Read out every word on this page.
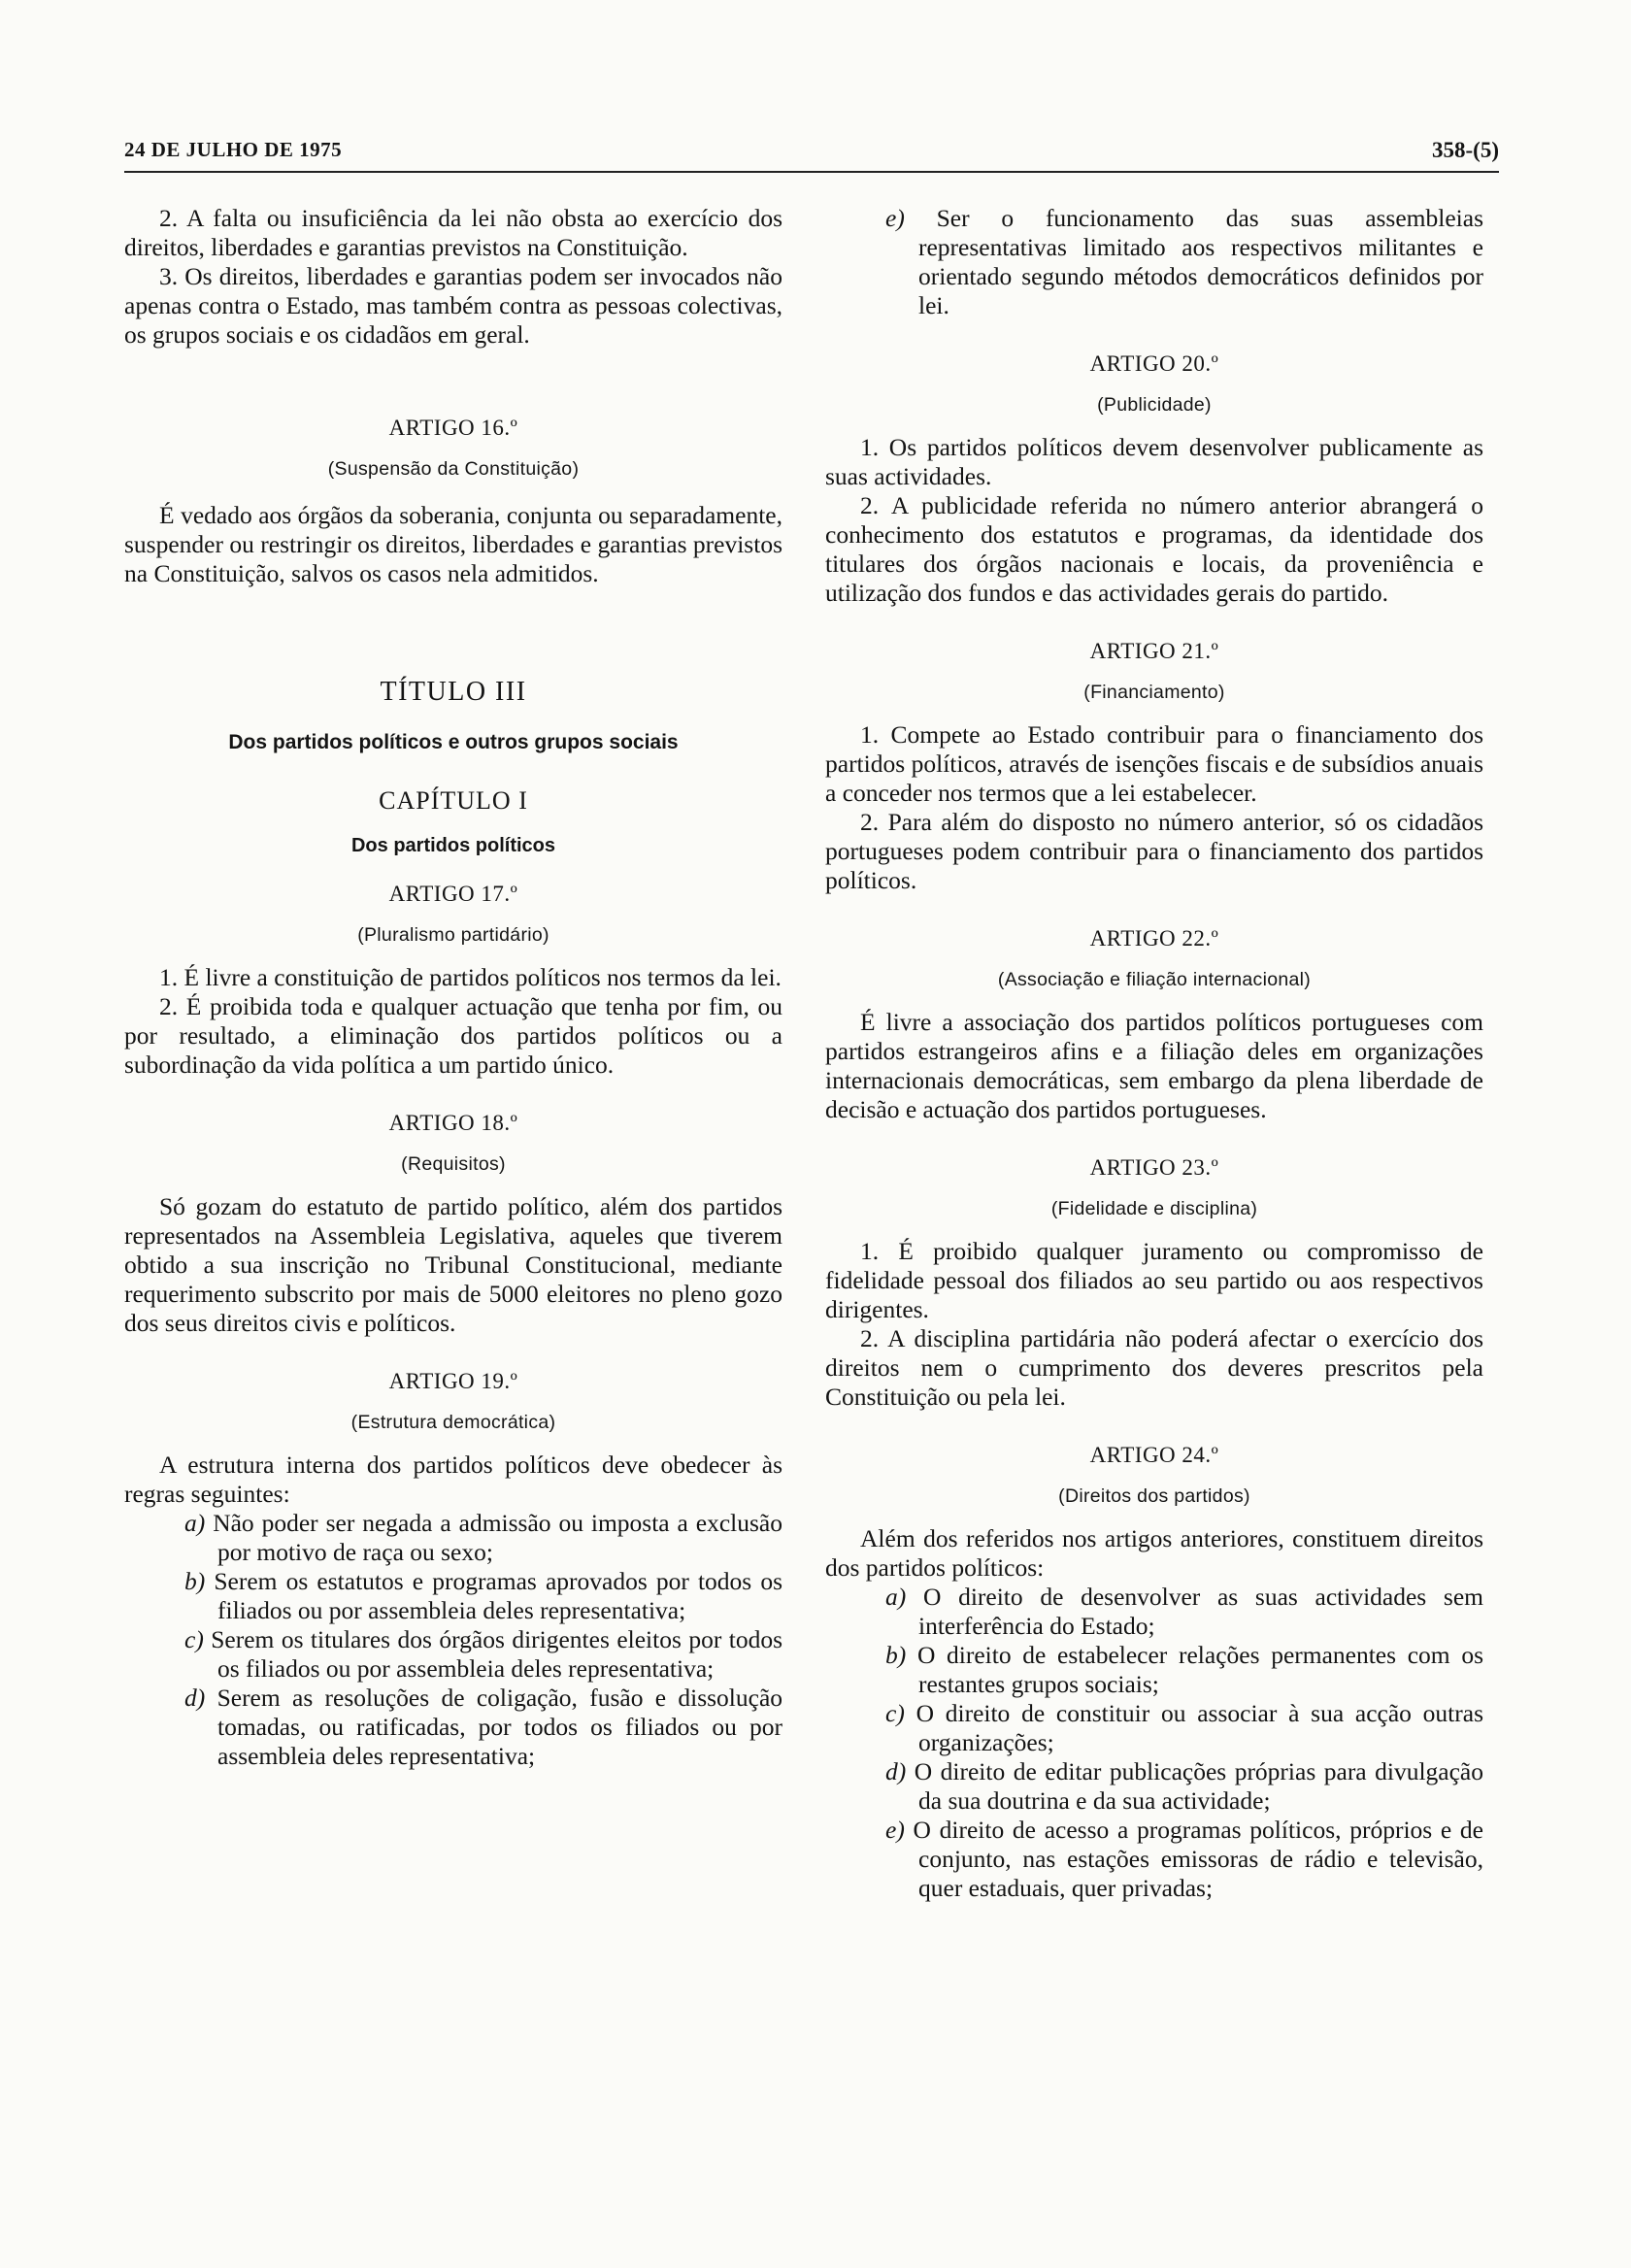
24 DE JULHO DE 1975	358-(5)

2. A falta ou insuficiência da lei não obsta ao exercício dos direitos, liberdades e garantias previstos na Constituição.

3. Os direitos, liberdades e garantias podem ser invocados não apenas contra o Estado, mas também contra as pessoas colectivas, os grupos sociais e os cidadãos em geral.

ARTIGO 16.º

(Suspensão da Constituição)

É vedado aos órgãos da soberania, conjunta ou separadamente, suspender ou restringir os direitos, liberdades e garantias previstos na Constituição, salvos os casos nela admitidos.

TÍTULO III

Dos partidos políticos e outros grupos sociais

CAPÍTULO I

Dos partidos políticos

ARTIGO 17.º

(Pluralismo partidário)

1. É livre a constituição de partidos políticos nos termos da lei.

2. É proibida toda e qualquer actuação que tenha por fim, ou por resultado, a eliminação dos partidos políticos ou a subordinação da vida política a um partido único.

ARTIGO 18.º

(Requisitos)

Só gozam do estatuto de partido político, além dos partidos representados na Assembleia Legislativa, aqueles que tiverem obtido a sua inscrição no Tribunal Constitucional, mediante requerimento subscrito por mais de 5000 eleitores no pleno gozo dos seus direitos civis e políticos.

ARTIGO 19.º

(Estrutura democrática)

A estrutura interna dos partidos políticos deve obedecer às regras seguintes:

a) Não poder ser negada a admissão ou imposta a exclusão por motivo de raça ou sexo;

b) Serem os estatutos e programas aprovados por todos os filiados ou por assembleia deles representativa;

c) Serem os titulares dos órgãos dirigentes eleitos por todos os filiados ou por assembleia deles representativa;

d) Serem as resoluções de coligação, fusão e dissolução tomadas, ou ratificadas, por todos os filiados ou por assembleia deles representativa;

e) Ser o funcionamento das suas assembleias representativas limitado aos respectivos militantes e orientado segundo métodos democráticos definidos por lei.

ARTIGO 20.º

(Publicidade)

1. Os partidos políticos devem desenvolver publicamente as suas actividades.

2. A publicidade referida no número anterior abrangerá o conhecimento dos estatutos e programas, da identidade dos titulares dos órgãos nacionais e locais, da proveniência e utilização dos fundos e das actividades gerais do partido.

ARTIGO 21.º

(Financiamento)

1. Compete ao Estado contribuir para o financiamento dos partidos políticos, através de isenções fiscais e de subsídios anuais a conceder nos termos que a lei estabelecer.

2. Para além do disposto no número anterior, só os cidadãos portugueses podem contribuir para o financiamento dos partidos políticos.

ARTIGO 22.º

(Associação e filiação internacional)

É livre a associação dos partidos políticos portugueses com partidos estrangeiros afins e a filiação deles em organizações internacionais democráticas, sem embargo da plena liberdade de decisão e actuação dos partidos portugueses.

ARTIGO 23.º

(Fidelidade e disciplina)

1. É proibido qualquer juramento ou compromisso de fidelidade pessoal dos filiados ao seu partido ou aos respectivos dirigentes.

2. A disciplina partidária não poderá afectar o exercício dos direitos nem o cumprimento dos deveres prescritos pela Constituição ou pela lei.

ARTIGO 24.º

(Direitos dos partidos)

Além dos referidos nos artigos anteriores, constituem direitos dos partidos políticos:

a) O direito de desenvolver as suas actividades sem interferência do Estado;

b) O direito de estabelecer relações permanentes com os restantes grupos sociais;

c) O direito de constituir ou associar à sua acção outras organizações;

d) O direito de editar publicações próprias para divulgação da sua doutrina e da sua actividade;

e) O direito de acesso a programas políticos, próprios e de conjunto, nas estações emissoras de rádio e televisão, quer estaduais, quer privadas;
